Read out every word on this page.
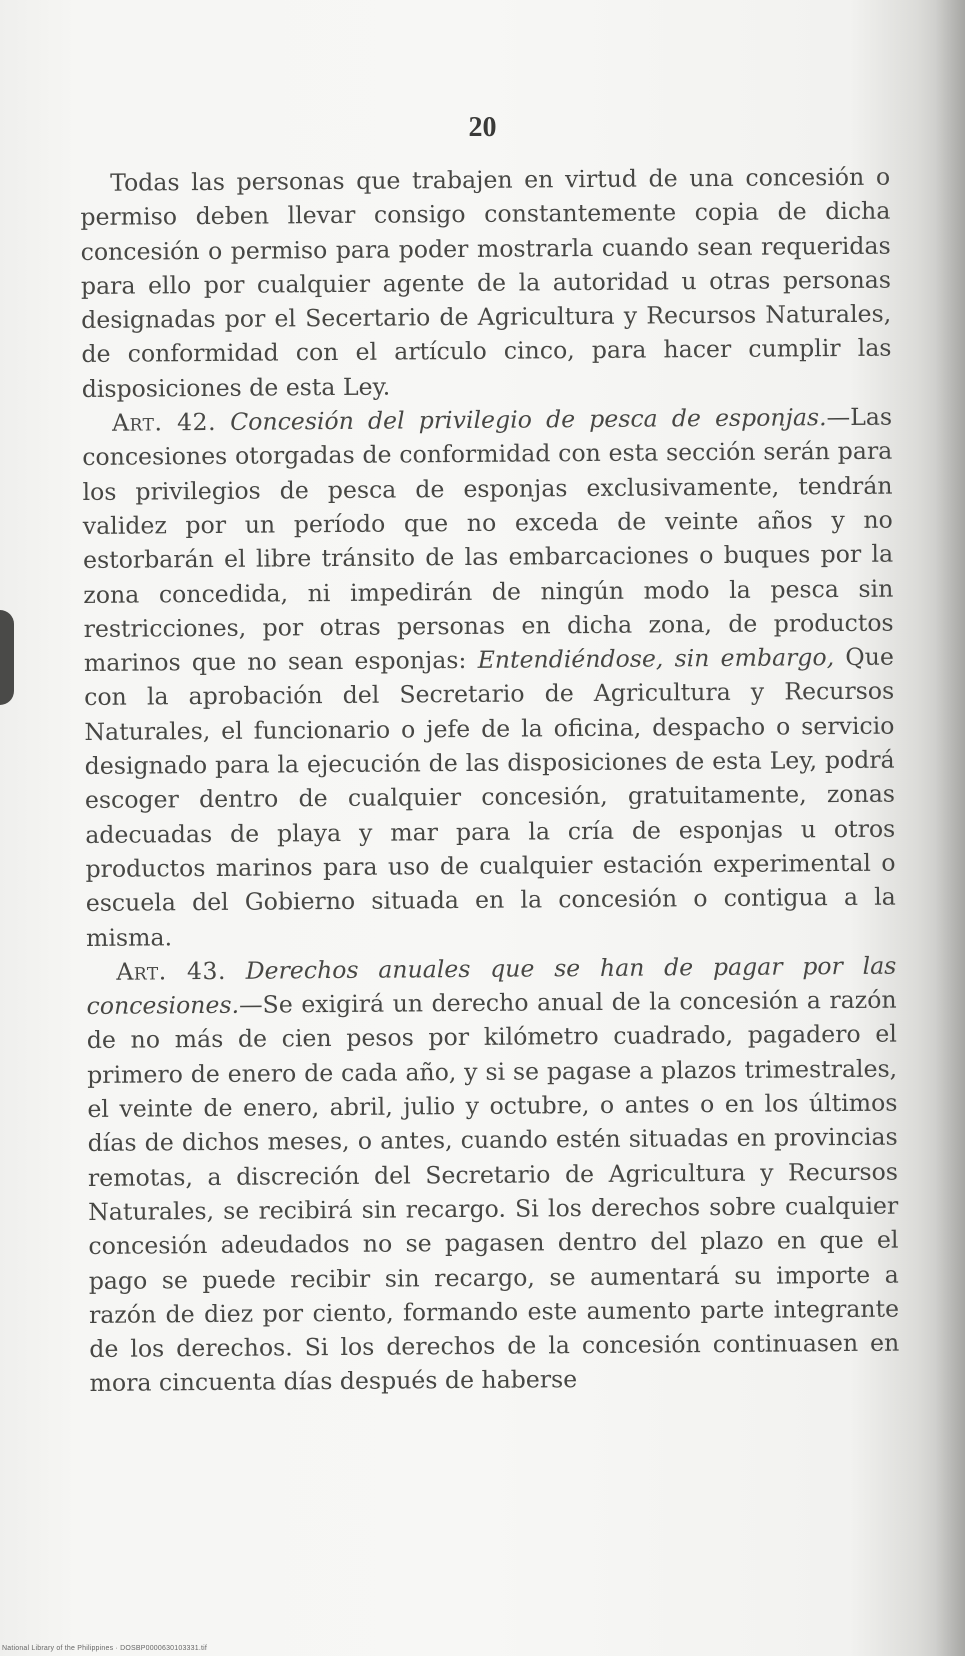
20

Todas las personas que trabajen en virtud de una concesión o permiso deben llevar consigo constantemente copia de dicha concesión o permiso para poder mostrarla cuando sean requeridas para ello por cualquier agente de la autoridad u otras personas designadas por el Secertario de Agricultura y Recursos Naturales, de conformidad con el artículo cinco, para hacer cumplir las disposiciones de esta Ley.

Art. 42. Concesión del privilegio de pesca de esponjas.—Las concesiones otorgadas de conformidad con esta sección serán para los privilegios de pesca de esponjas exclusivamente, tendrán validez por un período que no exceda de veinte años y no estorbarán el libre tránsito de las embarcaciones o buques por la zona concedida, ni impedirán de ningún modo la pesca sin restricciones, por otras personas en dicha zona, de productos marinos que no sean esponjas: Entendiéndose, sin embargo, Que con la aprobación del Secretario de Agricultura y Recursos Naturales, el funcionario o jefe de la oficina, despacho o servicio designado para la ejecución de las disposiciones de esta Ley, podrá escoger dentro de cualquier concesión, gratuitamente, zonas adecuadas de playa y mar para la cría de esponjas u otros productos marinos para uso de cualquier estación experimental o escuela del Gobierno situada en la concesión o contigua a la misma.

Art. 43. Derechos anuales que se han de pagar por las concesiones.—Se exigirá un derecho anual de la concesión a razón de no más de cien pesos por kilómetro cuadrado, pagadero el primero de enero de cada año, y si se pagase a plazos trimestrales, el veinte de enero, abril, julio y octubre, o antes o en los últimos días de dichos meses, o antes, cuando estén situadas en provincias remotas, a discreción del Secretario de Agricultura y Recursos Naturales, se recibirá sin recargo. Si los derechos sobre cualquier concesión adeudados no se pagasen dentro del plazo en que el pago se puede recibir sin recargo, se aumentará su importe a razón de diez por ciento, formando este aumento parte integrante de los derechos. Si los derechos de la concesión continuasen en mora cincuenta días después de haberse

National Library of the Philippines · DOSBP0000630103331.tif
